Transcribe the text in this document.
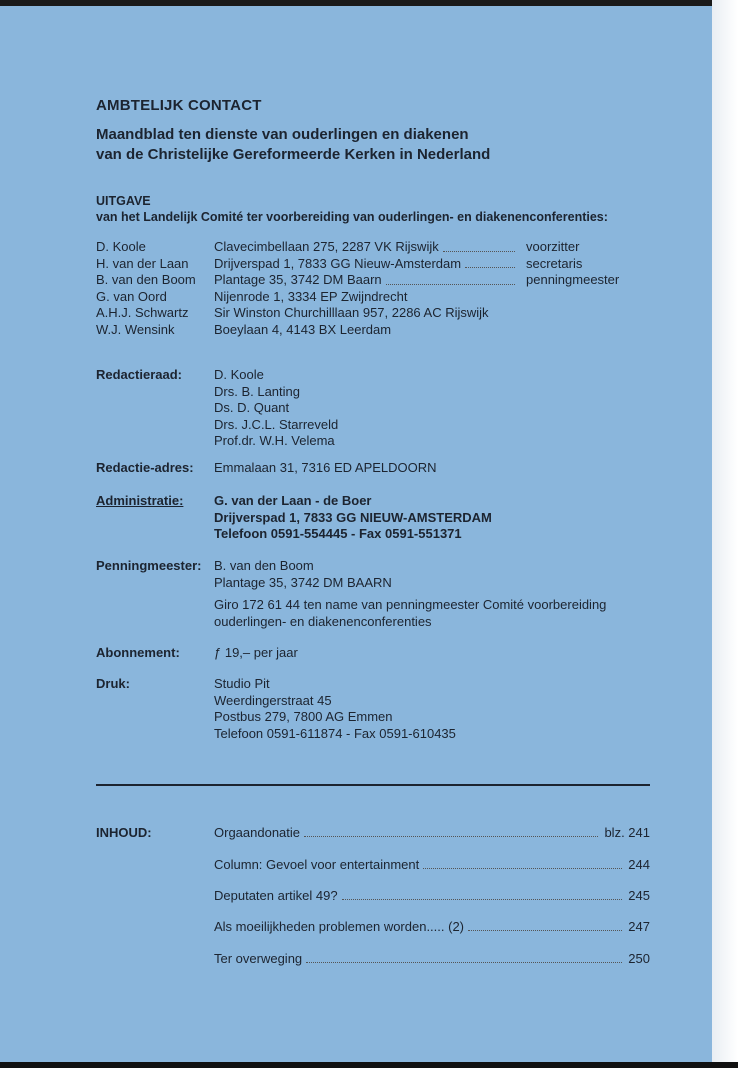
AMBTELIJK CONTACT
Maandblad ten dienste van ouderlingen en diakenen
van de Christelijke Gereformeerde Kerken in Nederland
UITGAVE
van het Landelijk Comité ter voorbereiding van ouderlingen- en diakenenconferenties:
D. Koole	Clavecimbellaan 275, 2287 VK Rijswijk	voorzitter
H. van der Laan Drijverspad 1, 7833 GG Nieuw-Amsterdam	secretaris
B. van den Boom Plantage 35, 3742 DM Baarn	penningmeester
G. van Oord	Nijenrode 1, 3334 EP Zwijndrecht
A.H.J. Schwartz Sir Winston Churchilllaan 957, 2286 AC Rijswijk
W.J. Wensink	Boeylaan 4, 4143 BX Leerdam
Redactieraad: D. Koole
Drs. B. Lanting
Ds. D. Quant
Drs. J.C.L. Starreveld
Prof.dr. W.H. Velema
Redactie-adres: Emmalaan 31, 7316 ED APELDOORN
Administratie: G. van der Laan - de Boer
Drijverspad 1, 7833 GG NIEUW-AMSTERDAM
Telefoon 0591-554445 - Fax 0591-551371
Penningmeester: B. van den Boom
Plantage 35, 3742 DM BAARN
Giro 172 61 44 ten name van penningmeester Comité voorbereiding
ouderlingen- en diakenenconferenties
Abonnement:	ƒ 19,– per jaar
Druk:	Studio Pit
Weerdingerstraat 45
Postbus 279, 7800 AG Emmen
Telefoon 0591-611874 - Fax 0591-610435
INHOUD:	Orgaandonatie	blz. 241
Column: Gevoel voor entertainment	244
Deputaten artikel 49?	245
Als moeilijkheden problemen worden..... (2)	247
Ter overweging	250
